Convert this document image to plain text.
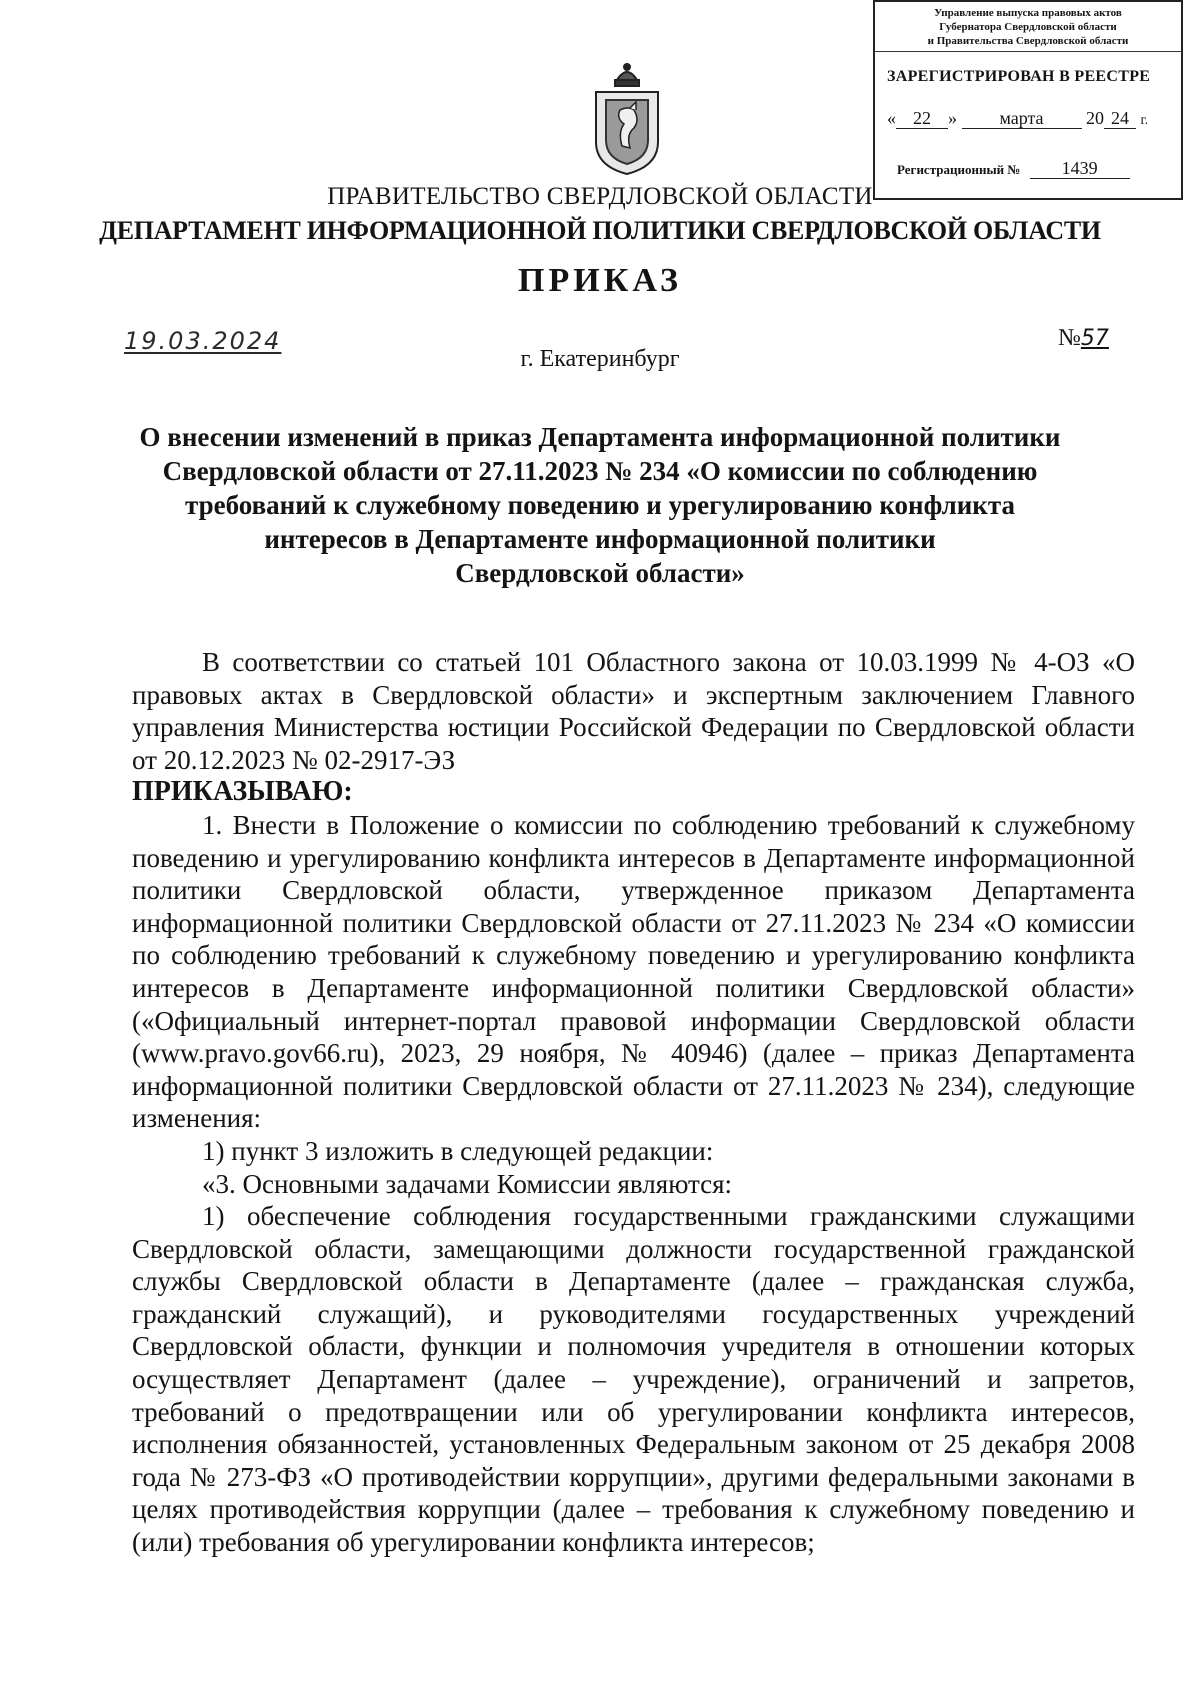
Управление выпуска правовых актов
Губернатора Свердловской области
и Правительства Свердловской области
ЗАРЕГИСТРИРОВАН В РЕЕСТРЕ
« 22 » марта 20 24 г.
Регистрационный № 1439
ПРАВИТЕЛЬСТВО СВЕРДЛОВСКОЙ ОБЛАСТИ
ДЕПАРТАМЕНТ ИНФОРМАЦИОННОЙ ПОЛИТИКИ СВЕРДЛОВСКОЙ ОБЛАСТИ
ПРИКАЗ
19.03.2024	№57
г. Екатеринбург
О внесении изменений в приказ Департамента информационной политики
Свердловской области от 27.11.2023 № 234 «О комиссии по соблюдению
требований к служебному поведению и урегулированию конфликта
интересов в Департаменте информационной политики
Свердловской области»

В соответствии со статьей 101 Областного закона от 10.03.1999 № 4-ОЗ «О правовых актах в Свердловской области» и экспертным заключением Главного управления Министерства юстиции Российской Федерации по Свердловской области от 20.12.2023 № 02-2917-ЭЗ

ПРИКАЗЫВАЮ:

1. Внести в Положение о комиссии по соблюдению требований к служебному поведению и урегулированию конфликта интересов в Департаменте информационной политики Свердловской области, утвержденное приказом Департамента информационной политики Свердловской области от 27.11.2023 № 234 «О комиссии по соблюдению требований к служебному поведению и урегулированию конфликта интересов в Департаменте информационной политики Свердловской области» («Официальный интернет-портал правовой информации Свердловской области (www.pravo.gov66.ru), 2023, 29 ноября, № 40946) (далее – приказ Департамента информационной политики Свердловской области от 27.11.2023 № 234), следующие изменения:

1) пункт 3 изложить в следующей редакции:

«3. Основными задачами Комиссии являются:

1) обеспечение соблюдения государственными гражданскими служащими Свердловской области, замещающими должности государственной гражданской службы Свердловской области в Департаменте (далее – гражданская служба, гражданский служащий), и руководителями государственных учреждений Свердловской области, функции и полномочия учредителя в отношении которых осуществляет Департамент (далее – учреждение), ограничений и запретов, требований о предотвращении или об урегулировании конфликта интересов, исполнения обязанностей, установленных Федеральным законом от 25 декабря 2008 года № 273-ФЗ «О противодействии коррупции», другими федеральными законами в целях противодействия коррупции (далее – требования к служебному поведению и (или) требования об урегулировании конфликта интересов;
